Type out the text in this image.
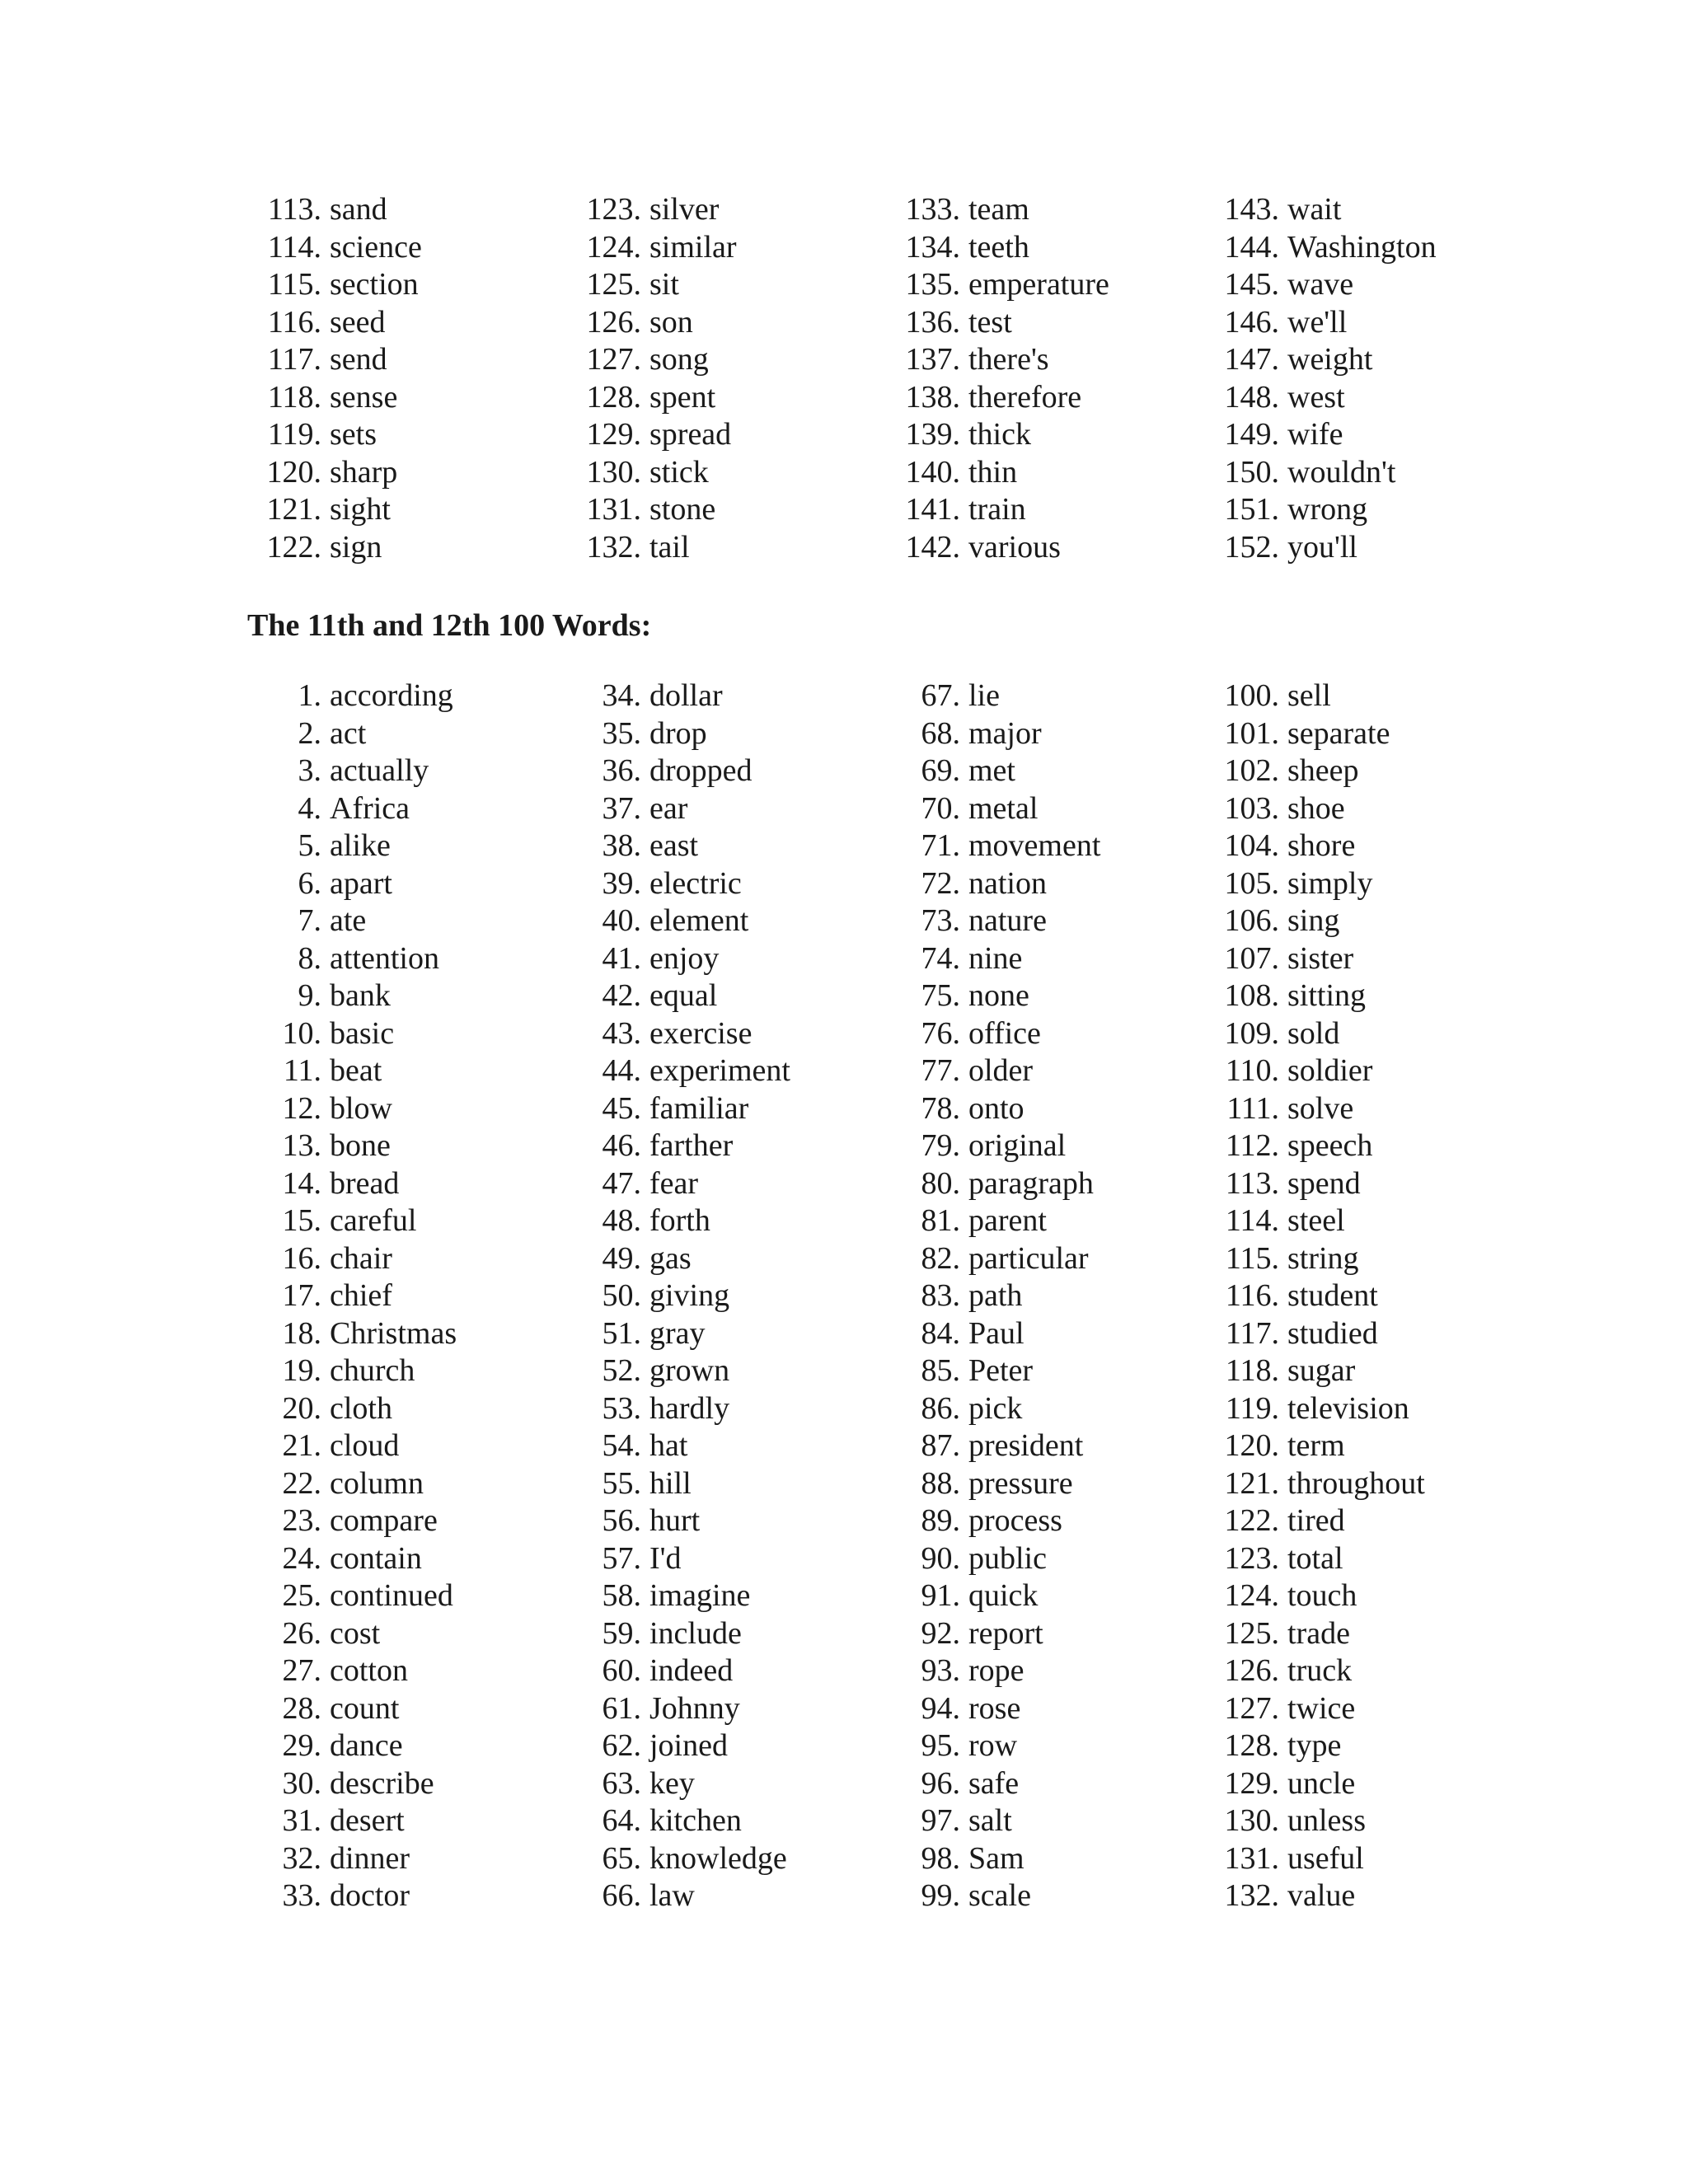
113. sand
114. science
115. section
116. seed
117. send
118. sense
119. sets
120. sharp
121. sight
122. sign
123. silver
124. similar
125. sit
126. son
127. song
128. spent
129. spread
130. stick
131. stone
132. tail
133. team
134. teeth
135. emperature
136. test
137. there's
138. therefore
139. thick
140. thin
141. train
142. various
143. wait
144. Washington
145. wave
146. we'll
147. weight
148. west
149. wife
150. wouldn't
151. wrong
152. you'll
The 11th and 12th 100 Words:
1. according
2. act
3. actually
4. Africa
5. alike
6. apart
7. ate
8. attention
9. bank
10. basic
11. beat
12. blow
13. bone
14. bread
15. careful
16. chair
17. chief
18. Christmas
19. church
20. cloth
21. cloud
22. column
23. compare
24. contain
25. continued
26. cost
27. cotton
28. count
29. dance
30. describe
31. desert
32. dinner
33. doctor
34. dollar
35. drop
36. dropped
37. ear
38. east
39. electric
40. element
41. enjoy
42. equal
43. exercise
44. experiment
45. familiar
46. farther
47. fear
48. forth
49. gas
50. giving
51. gray
52. grown
53. hardly
54. hat
55. hill
56. hurt
57. I'd
58. imagine
59. include
60. indeed
61. Johnny
62. joined
63. key
64. kitchen
65. knowledge
66. law
67. lie
68. major
69. met
70. metal
71. movement
72. nation
73. nature
74. nine
75. none
76. office
77. older
78. onto
79. original
80. paragraph
81. parent
82. particular
83. path
84. Paul
85. Peter
86. pick
87. president
88. pressure
89. process
90. public
91. quick
92. report
93. rope
94. rose
95. row
96. safe
97. salt
98. Sam
99. scale
100. sell
101. separate
102. sheep
103. shoe
104. shore
105. simply
106. sing
107. sister
108. sitting
109. sold
110. soldier
111. solve
112. speech
113. spend
114. steel
115. string
116. student
117. studied
118. sugar
119. television
120. term
121. throughout
122. tired
123. total
124. touch
125. trade
126. truck
127. twice
128. type
129. uncle
130. unless
131. useful
132. value
